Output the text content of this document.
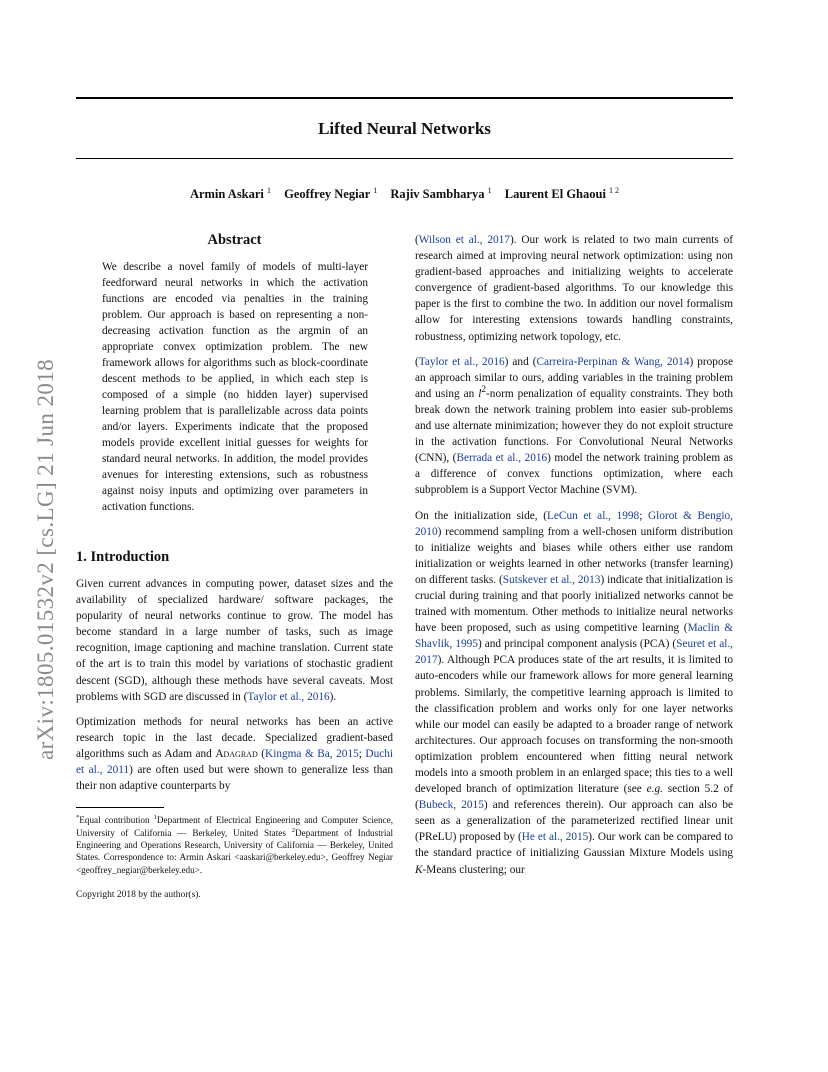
Lifted Neural Networks
Armin Askari $^1$ Geoffrey Negiar $^1$ Rajiv Sambharya $^1$ Laurent El Ghaoui $^{1 2}$
arXiv:1805.01532v2 [cs.LG] 21 Jun 2018
Abstract
We describe a novel family of models of multi-layer feedforward neural networks in which the activation functions are encoded via penalties in the training problem. Our approach is based on representing a non-decreasing activation function as the argmin of an appropriate convex optimization problem. The new framework allows for algorithms such as block-coordinate descent methods to be applied, in which each step is composed of a simple (no hidden layer) supervised learning problem that is parallelizable across data points and/or layers. Experiments indicate that the proposed models provide excellent initial guesses for weights for standard neural networks. In addition, the model provides avenues for interesting extensions, such as robustness against noisy inputs and optimizing over parameters in activation functions.
1. Introduction

Given current advances in computing power, dataset sizes and the availability of specialized hardware/ software packages, the popularity of neural networks continue to grow. The model has become standard in a large number of tasks, such as image recognition, image captioning and machine translation. Current state of the art is to train this model by variations of stochastic gradient descent (SGD), although these methods have several caveats. Most problems with SGD are discussed in (Taylor et al., 2016).

Optimization methods for neural networks has been an active research topic in the last decade. Specialized gradient-based algorithms such as Adam and Adagrad (Kingma & Ba, 2015; Duchi et al., 2011) are often used but were shown to generalize less than their non adaptive counterparts by

*Equal contribution $^1$Department of Electrical Engineering and Computer Science, University of California — Berkeley, United States $^2$Department of Industrial Engineering and Operations Research, University of California — Berkeley, United States. Correspondence to: Armin Askari <aaskari@berkeley.edu>, Geoffrey Negiar <geoffrey_negiar@berkeley.edu>.
Copyright 2018 by the author(s).

(Wilson et al., 2017). Our work is related to two main currents of research aimed at improving neural network optimization: using non gradient-based approaches and initializing weights to accelerate convergence of gradient-based algorithms. To our knowledge this paper is the first to combine the two. In addition our novel formalism allow for interesting extensions towards handling constraints, robustness, optimizing network topology, etc.

(Taylor et al., 2016) and (Carreira-Perpinan & Wang, 2014) propose an approach similar to ours, adding variables in the training problem and using an $l^2$-norm penalization of equality constraints. They both break down the network training problem into easier sub-problems and use alternate minimization; however they do not exploit structure in the activation functions. For Convolutional Neural Networks (CNN), (Berrada et al., 2016) model the network training problem as a difference of convex functions optimization, where each subproblem is a Support Vector Machine (SVM).

On the initialization side, (LeCun et al., 1998; Glorot & Bengio, 2010) recommend sampling from a well-chosen uniform distribution to initialize weights and biases while others either use random initialization or weights learned in other networks (transfer learning) on different tasks. (Sutskever et al., 2013) indicate that initialization is crucial during training and that poorly initialized networks cannot be trained with momentum. Other methods to initialize neural networks have been proposed, such as using competitive learning (Maclin & Shavlik, 1995) and principal component analysis (PCA) (Seuret et al., 2017). Although PCA produces state of the art results, it is limited to auto-encoders while our framework allows for more general learning problems. Similarly, the competitive learning approach is limited to the classification problem and works only for one layer networks while our model can easily be adapted to a broader range of network architectures. Our approach focuses on transforming the non-smooth optimization problem encountered when fitting neural network models into a smooth problem in an enlarged space; this ties to a well developed branch of optimization literature (see e.g. section 5.2 of (Bubeck, 2015) and references therein). Our approach can also be seen as a generalization of the parameterized rectified linear unit (PReLU) proposed by (He et al., 2015). Our work can be compared to the standard practice of initializing Gaussian Mixture Models using K-Means clustering; our
